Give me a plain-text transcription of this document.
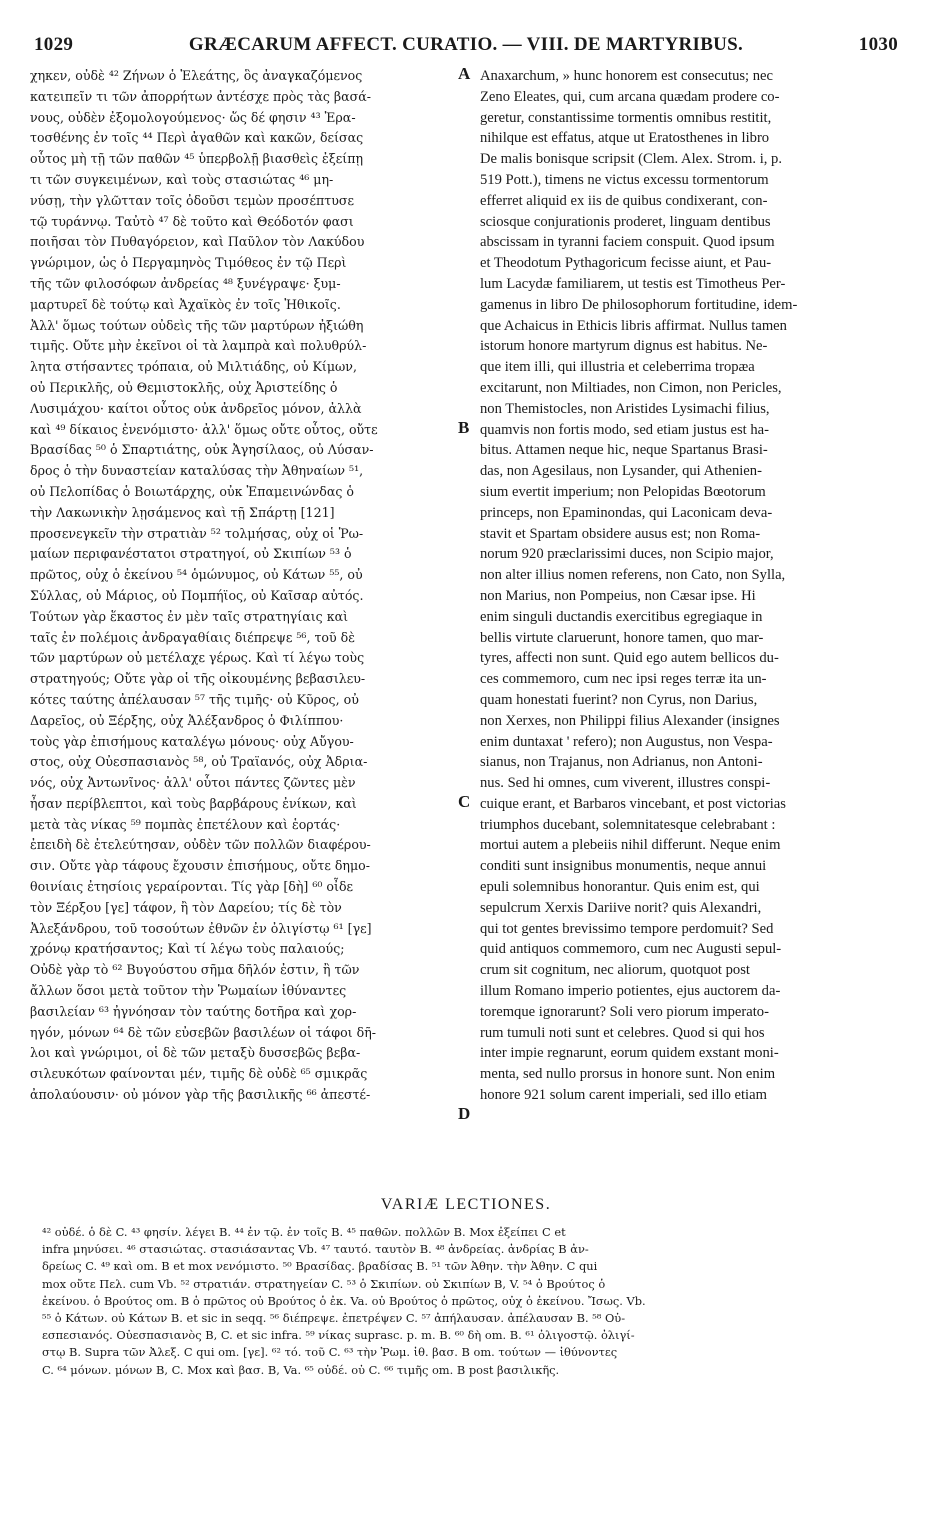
1029	GRÆCARUM AFFECT. CURATIO. — VIII. DE MARTYRIBUS.	1030
χηκεν, οὐδὲ ⁴² Ζήνων ὁ Ἐλεάτης, ὃς ἀναγκαζόμενος
κατειπεῖν τι τῶν ἀπορρήτων ἀντέσχε πρὸς τὰς βασά-
νους, οὐδὲν ἐξομολογούμενος· ὥς δέ φησιν ⁴³ Ἐρα-
τοσθένης ἐν τοῖς ⁴⁴ Περὶ ἀγαθῶν καὶ κακῶν, δείσας
οὗτος μὴ τῇ τῶν παθῶν ⁴⁵ ὑπερβολῇ βιασθεὶς ἐξείπῃ
τι τῶν συγκειμένων, καὶ τοὺς στασιώτας ⁴⁶ μη-
νύσῃ, τὴν γλῶτταν τοῖς ὀδοῦσι τεμὼν προσέπτυσε
τῷ τυράννῳ. Ταὐτὸ ⁴⁷ δὲ τοῦτο καὶ Θεόδοτόν φασι
ποιῆσαι τὸν Πυθαγόρειον, καὶ Παῦλον τὸν Λακύδου
γνώριμον, ὡς ὁ Περγαμηνὸς Τιμόθεος ἐν τῷ Περὶ
τῆς τῶν φιλοσόφων ἀνδρείας ⁴⁸ ξυνέγραψε· ξυμ-
μαρτυρεῖ δὲ τούτῳ καὶ Ἀχαϊκὸς ἐν τοῖς Ἠθικοῖς.
Ἀλλ' ὅμως τούτων οὐδεὶς τῆς τῶν μαρτύρων ἠξιώθη
τιμῆς. Οὔτε μὴν ἐκεῖνοι οἱ τὰ λαμπρὰ καὶ πολυθρύλ-
λητα στήσαντες τρόπαια, οὐ Μιλτιάδης, οὐ Κίμων,
οὐ Περικλῆς, οὐ Θεμιστοκλῆς, οὐχ Ἀριστείδης ὁ
Λυσιμάχου· καίτοι οὗτος οὐκ ἀνδρεῖος μόνον, ἀλλὰ
καὶ ⁴⁹ δίκαιος ἐνενόμιστο· ἀλλ' ὅμως οὔτε οὗτος, οὔτε
Βρασίδας ⁵⁰ ὁ Σπαρτιάτης, οὐκ Ἀγησίλαος, οὐ Λύσαν-
δρος ὁ τὴν δυναστείαν καταλύσας τὴν Ἀθηναίων ⁵¹,
οὐ Πελοπίδας ὁ Βοιωτάρχης, οὐκ Ἐπαμεινώνδας ὁ
τὴν Λακωνικὴν λῃσάμενος καὶ τῇ Σπάρτῃ [121]
προσενεγκεῖν τὴν στρατιὰν ⁵² τολμήσας, οὐχ οἱ Ῥω-
μαίων περιφανέστατοι στρατηγοί, οὐ Σκιπίων ⁵³ ὁ
πρῶτος, οὐχ ὁ ἐκείνου ⁵⁴ ὁμώνυμος, οὐ Κάτων ⁵⁵, οὐ
Σύλλας, οὐ Μάριος, οὐ Πομπήϊος, οὐ Καῖσαρ αὐτός.
Τούτων γὰρ ἕκαστος ἐν μὲν ταῖς στρατηγίαις καὶ
ταῖς ἐν πολέμοις ἀνδραγαθίαις διέπρεψε ⁵⁶, τοῦ δὲ
τῶν μαρτύρων οὐ μετέλαχε γέρως. Καὶ τί λέγω τοὺς
στρατηγούς; Οὔτε γὰρ οἱ τῆς οἰκουμένης βεβασιλευ-
κότες ταύτης ἀπέλαυσαν ⁵⁷ τῆς τιμῆς· οὐ Κῦρος, οὐ
Δαρεῖος, οὐ Ξέρξης, οὐχ Ἀλέξανδρος ὁ Φιλίππου·
τοὺς γὰρ ἐπισήμους καταλέγω μόνους· οὐχ Αὔγου-
στος, οὐχ Οὐεσπασιανὸς ⁵⁸, οὐ Τραϊανός, οὐχ Ἀδρια-
νός, οὐχ Ἀντωνῖνος· ἀλλ' οὗτοι πάντες ζῶντες μὲν
ἦσαν περίβλεπτοι, καὶ τοὺς βαρβάρους ἐνίκων, καὶ
μετὰ τὰς νίκας ⁵⁹ πομπὰς ἐπετέλουν καὶ ἑορτάς·
ἐπειδὴ δὲ ἐτελεύτησαν, οὐδὲν τῶν πολλῶν διαφέρου-
σιν. Οὔτε γὰρ τάφους ἔχουσιν ἐπισήμους, οὔτε δημο-
θοινίαις ἐτησίοις γεραίρονται. Τίς γὰρ [δὴ] ⁶⁰ οἶδε
τὸν Ξέρξου [γε] τάφον, ἢ τὸν Δαρείου; τίς δὲ τὸν
Ἀλεξάνδρου, τοῦ τοσούτων ἐθνῶν ἐν ὀλιγίστῳ ⁶¹ [γε]
χρόνῳ κρατήσαντος; Καὶ τί λέγω τοὺς παλαιούς;
Οὐδὲ γὰρ τὸ ⁶² Βυγούστου σῆμα δῆλόν ἐστιν, ἢ τῶν
ἄλλων ὅσοι μετὰ τοῦτον τὴν Ῥωμαίων ἰθύναντες
βασιλείαν ⁶³ ἠγνόησαν τὸν ταύτης δοτῆρα καὶ χορ-
ηγόν, μόνων ⁶⁴ δὲ τῶν εὐσεβῶν βασιλέων οἱ τάφοι δῆ-
λοι καὶ γνώριμοι, οἱ δὲ τῶν μεταξὺ δυσσεβῶς βεβα-
σιλευκότων φαίνονται μέν, τιμῆς δὲ οὐδὲ ⁶⁵ σμικρᾶς
ἀπολαύουσιν· οὐ μόνον γὰρ τῆς βασιλικῆς ⁶⁶ ἀπεστέ-
Anaxarchum, » hunc honorem est consecutus; nec
Zeno Eleates, qui, cum arcana quædam prodere co-
geretur, constantissime tormentis omnibus restitit,
nihilque est effatus, atque ut Eratosthenes in libro
De malis bonisque scripsit (Clem. Alex. Strom. i, p.
519 Pott.), timens ne victus excessu tormentorum
efferret aliquid ex iis de quibus condixerant, con-
sciosque conjurationis proderet, linguam dentibus
abscissam in tyranni faciem conspuit. Quod ipsum
et Theodotum Pythagoricum fecisse aiunt, et Pau-
lum Lacydæ familiarem, ut testis est Timotheus Per-
gamenus in libro De philosophorum fortitudine, idem-
que Achaicus in Ethicis libris affirmat. Nullus tamen
istorum honore martyrum dignus est habitus. Ne-
que item illi, qui illustria et celeberrima tropæa
excitarunt, non Miltiades, non Cimon, non Pericles,
non Themistocles, non Aristides Lysimachi filius,
quamvis non fortis modo, sed etiam justus est ha-
bitus. Attamen neque hic, neque Spartanus Brasi-
das, non Agesilaus, non Lysander, qui Athenien-
sium evertit imperium; non Pelopidas Bœotorum
princeps, non Epaminondas, qui Laconicam deva-
stavit et Spartam obsidere ausus est; non Roma-
norum 920 præclarissimi duces, non Scipio major,
non alter illius nomen referens, non Cato, non Sylla,
non Marius, non Pompeius, non Cæsar ipse. Hi
enim singuli ductandis exercitibus egregiaque in
bellis virtute claruerunt, honore tamen, quo mar-
tyres, affecti non sunt. Quid ego autem bellicos du-
ces commemoro, cum nec ipsi reges terræ ita un-
quam honestati fuerint? non Cyrus, non Darius,
non Xerxes, non Philippi filius Alexander (insignes
enim duntaxat ' refero); non Augustus, non Vespa-
sianus, non Trajanus, non Adrianus, non Antoni-
nus. Sed hi omnes, cum viverent, illustres conspi-
cuique erant, et Barbaros vincebant, et post victorias
triumphos ducebant, solemnitatesque celebrabant :
mortui autem a plebeiis nihil differunt. Neque enim
conditi sunt insignibus monumentis, neque annui
epuli solemnibus honorantur. Quis enim est, qui
sepulcrum Xerxis Dariive norit? quis Alexandri,
qui tot gentes brevissimo tempore perdomuit? Sed
quid antiquos commemoro, cum nec Augusti sepul-
crum sit cognitum, nec aliorum, quotquot post
illum Romano imperio potientes, ejus auctorem da-
toremque ignorarunt? Soli vero piorum imperato-
rum tumuli noti sunt et celebres. Quod si qui hos
inter impie regnarunt, eorum quidem exstant moni-
menta, sed nullo prorsus in honore sunt. Non enim
honore 921 solum carent imperiali, sed illo etiam
A
B
C
D
VARIÆ LECTIONES.
⁴² οὐδέ. ὁ δὲ C. ⁴³ φησίν. λέγει B. ⁴⁴ ἐν τῷ. ἐν τοῖς B. ⁴⁵ παθῶν. πολλῶν B. Mox ἐξείπει C et
infra μηνύσει. ⁴⁶ στασιώτας. στασιάσαντας Vb. ⁴⁷ ταυτό. ταυτὸν B. ⁴⁸ ἀνδρείας. ἀνδρίας B ἀν-
δρείως C. ⁴⁹ καὶ om. B et mox νενόμιστο. ⁵⁰ Βρασίδας. βραδίσας B. ⁵¹ τῶν Ἀθην. τὴν Ἀθην. C qui
mox οὔτε Πελ. cum Vb. ⁵² στρατιάν. στρατηγείαν C. ⁵³ ὁ Σκιπίων. οὐ Σκιπίων B, V. ⁵⁴ ὁ Βρούτος ὁ
ἐκείνου. ὁ Βρούτος om. B ὁ πρῶτος οὐ Βρούτος ὁ ἐκ. Va. οὐ Βρούτος ὁ πρῶτος, οὐχ ὁ ἐκείνου. Ἴσως. Vb.
⁵⁵ ὁ Κάτων. οὐ Κάτων B. et sic in seqq. ⁵⁶ διέπρεψε. ἐπετρέψεν C. ⁵⁷ ἀπήλαυσαν. ἀπέλαυσαν B. ⁵⁸ Οὐ-
εσπεσιανός. Οὐεσπασιανὸς B, C. et sic infra. ⁵⁹ νίκας suprasc. p. m. B. ⁶⁰ δὴ om. B. ⁶¹ ὀλιγοστῷ. ὀλιγί-
στῳ B. Supra τῶν Ἀλεξ. C qui om. [γε]. ⁶² τό. τοῦ C. ⁶³ τὴν Ῥωμ. ἰθ. βασ. B om. τούτων — ἰθύνοντες
C. ⁶⁴ μόνων. μόνων B, C. Mox καὶ βασ. B, Va. ⁶⁵ οὐδέ. οὐ C. ⁶⁶ τιμῆς om. B post βασιλικῆς.
